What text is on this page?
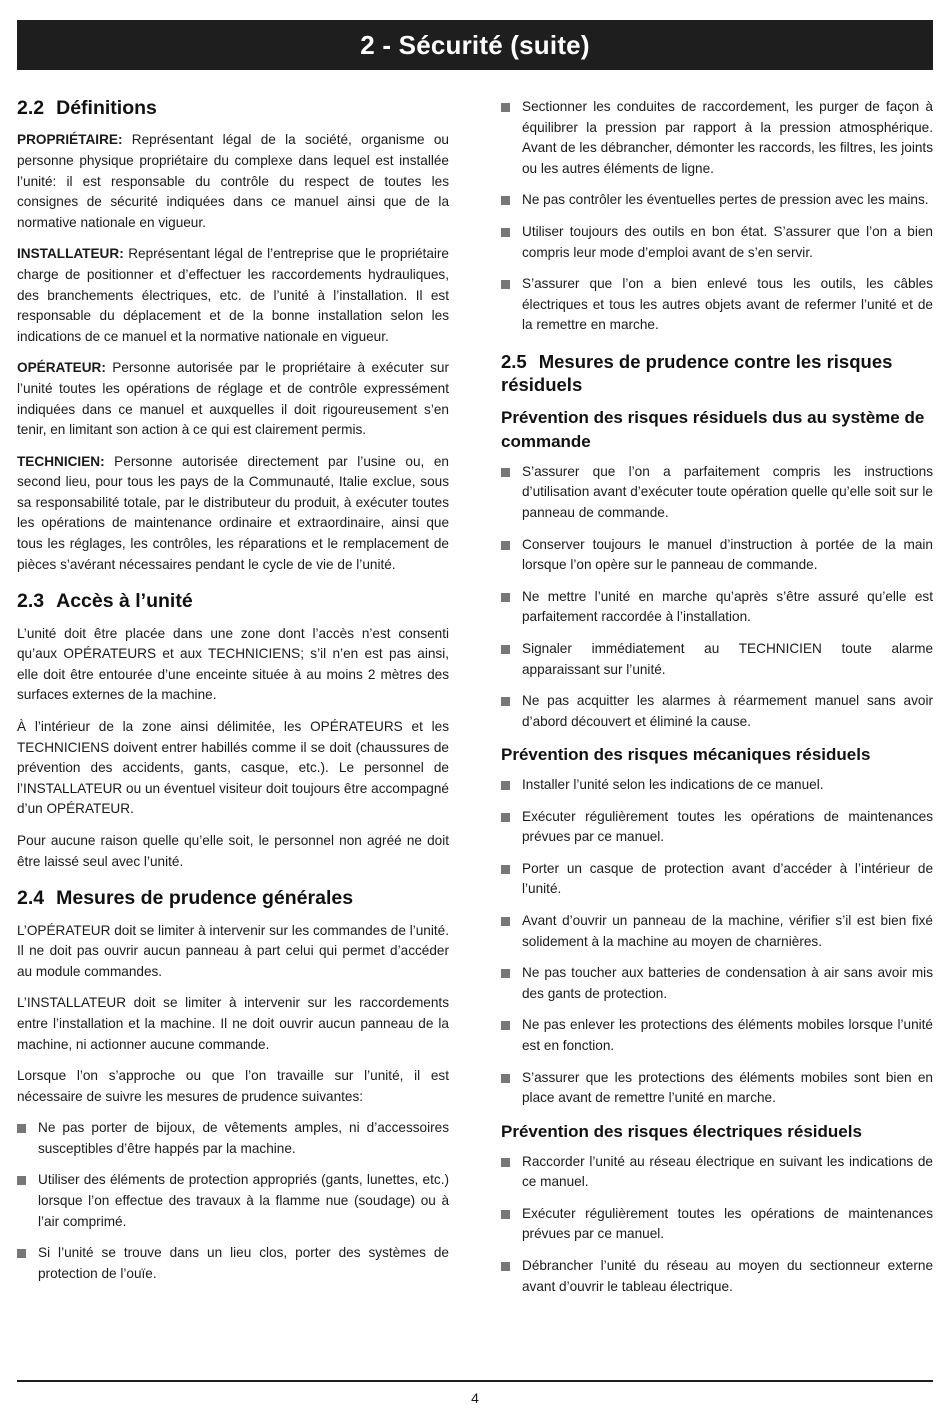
2 - Sécurité (suite)
2.2 Définitions

PROPRIÉTAIRE: Représentant légal de la société, organisme ou personne physique propriétaire du complexe dans lequel est installée l’unité: il est responsable du contrôle du respect de toutes les consignes de sécurité indiquées dans ce manuel ainsi que de la normative nationale en vigueur.

INSTALLATEUR: Représentant légal de l’entreprise que le propriétaire charge de positionner et d’effectuer les raccordements hydrauliques, des branchements électriques, etc. de l’unité à l’installation. Il est responsable du déplacement et de la bonne installation selon les indications de ce manuel et la normative nationale en vigueur.

OPÉRATEUR: Personne autorisée par le propriétaire à exécuter sur l’unité toutes les opérations de réglage et de contrôle expressément indiquées dans ce manuel et auxquelles il doit rigoureusement s’en tenir, en limitant son action à ce qui est clairement permis.

TECHNICIEN: Personne autorisée directement par l’usine ou, en second lieu, pour tous les pays de la Communauté, Italie exclue, sous sa responsabilité totale, par le distributeur du produit, à exécuter toutes les opérations de maintenance ordinaire et extraordinaire, ainsi que tous les réglages, les contrôles, les réparations et le remplacement de pièces s’avérant nécessaires pendant le cycle de vie de l’unité.

2.3 Accès à l’unité

L’unité doit être placée dans une zone dont l’accès n’est consenti qu’aux OPÉRATEURS et aux TECHNICIENS; s’il n’en est pas ainsi, elle doit être entourée d’une enceinte située à au moins 2 mètres des surfaces externes de la machine.

À l’intérieur de la zone ainsi délimitée, les OPÉRATEURS et les TECHNICIENS doivent entrer habillés comme il se doit (chaussures de prévention des accidents, gants, casque, etc.). Le personnel de l’INSTALLATEUR ou un éventuel visiteur doit toujours être accompagné d’un OPÉRATEUR.

Pour aucune raison quelle qu’elle soit, le personnel non agréé ne doit être laissé seul avec l’unité.

2.4 Mesures de prudence générales

L’OPÉRATEUR doit se limiter à intervenir sur les commandes de l’unité. Il ne doit pas ouvrir aucun panneau à part celui qui permet d’accéder au module commandes.

L’INSTALLATEUR doit se limiter à intervenir sur les raccordements entre l’installation et la machine. Il ne doit ouvrir aucun panneau de la machine, ni actionner aucune commande.

Lorsque l’on s’approche ou que l’on travaille sur l’unité, il est nécessaire de suivre les mesures de prudence suivantes:

Ne pas porter de bijoux, de vêtements amples, ni d’accessoires susceptibles d’être happés par la machine.
Utiliser des éléments de protection appropriés (gants, lunettes, etc.) lorsque l’on effectue des travaux à la flamme nue (soudage) ou à l’air comprimé.
Si l’unité se trouve dans un lieu clos, porter des systèmes de protection de l’ouïe.
Sectionner les conduites de raccordement, les purger de façon à équilibrer la pression par rapport à la pression atmosphérique. Avant de les débrancher, démonter les raccords, les filtres, les joints ou les autres éléments de ligne.
Ne pas contrôler les éventuelles pertes de pression avec les mains.
Utiliser toujours des outils en bon état. S’assurer que l’on a bien compris leur mode d’emploi avant de s’en servir.
S’assurer que l’on a bien enlevé tous les outils, les câbles électriques et tous les autres objets avant de refermer l’unité et de la remettre en marche.
2.5 Mesures de prudence contre les risques résiduels
Prévention des risques résiduels dus au système de commande
S’assurer que l’on a parfaitement compris les instructions d’utilisation avant d’exécuter toute opération quelle qu’elle soit sur le panneau de commande.
Conserver toujours le manuel d’instruction à portée de la main lorsque l’on opère sur le panneau de commande.
Ne mettre l’unité en marche qu’après s’être assuré qu’elle est parfaitement raccordée à l’installation.
Signaler immédiatement au TECHNICIEN toute alarme apparaissant sur l’unité.
Ne pas acquitter les alarmes à réarmement manuel sans avoir d’abord découvert et éliminé la cause.
Prévention des risques mécaniques résiduels
Installer l’unité selon les indications de ce manuel.
Exécuter régulièrement toutes les opérations de maintenances prévues par ce manuel.
Porter un casque de protection avant d’accéder à l’intérieur de l’unité.
Avant d’ouvrir un panneau de la machine, vérifier s’il est bien fixé solidement à la machine au moyen de charnières.
Ne pas toucher aux batteries de condensation à air sans avoir mis des gants de protection.
Ne pas enlever les protections des éléments mobiles lorsque l’unité est en fonction.
S’assurer que les protections des éléments mobiles sont bien en place avant de remettre l’unité en marche.
Prévention des risques électriques résiduels
Raccorder l’unité au réseau électrique en suivant les indications de ce manuel.
Exécuter régulièrement toutes les opérations de maintenances prévues par ce manuel.
Débrancher l’unité du réseau au moyen du sectionneur externe avant d’ouvrir le tableau électrique.
4
